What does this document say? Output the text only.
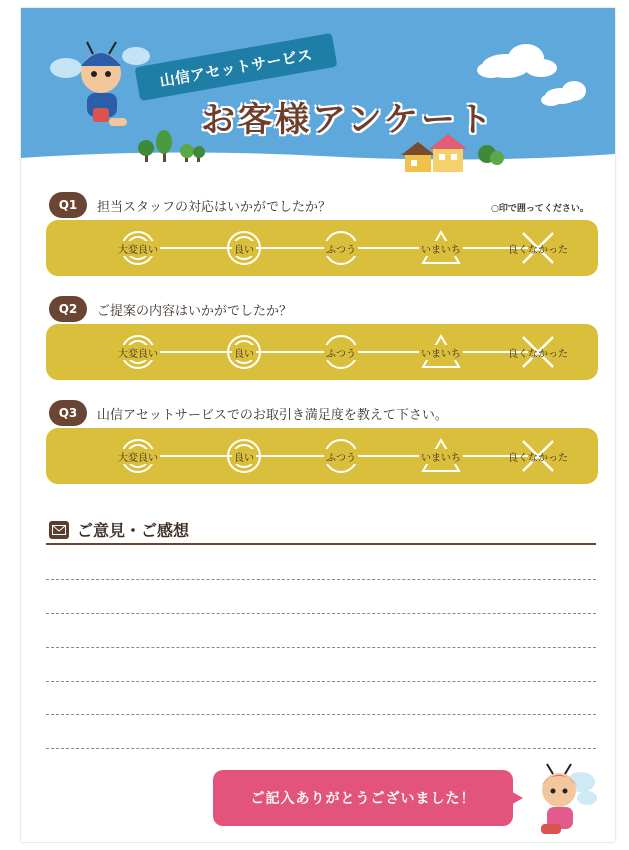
山信アセットサービス
お客様アンケート
Q1	担当スタッフの対応はいかがでしたか？	○印で囲ってください。
大変良い	良い	ふつう	いまいち	良くなかった
Q2	ご提案の内容はいかがでしたか？
大変良い	良い	ふつう	いまいち	良くなかった
Q3	山信アセットサービスでのお取引き満足度を教えて下さい。
大変良い	良い	ふつう	いまいち	良くなかった
ご意見・ご感想
ご記入ありがとうございました！
